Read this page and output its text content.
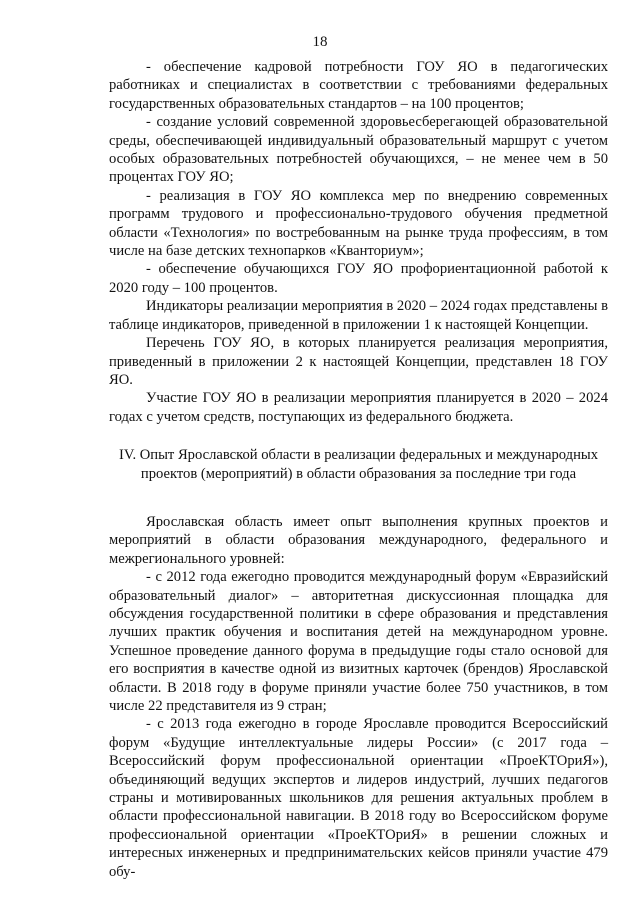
18

- обеспечение кадровой потребности ГОУ ЯО в педагогических работниках и специалистах в соответствии с требованиями федеральных государственных образовательных стандартов – на 100 процентов;

- создание условий современной здоровьесберегающей образовательной среды, обеспечивающей индивидуальный образовательный маршрут с учетом особых образовательных потребностей обучающихся, – не менее чем в 50 процентах ГОУ ЯО;

- реализация в ГОУ ЯО комплекса мер по внедрению современных программ трудового и профессионально-трудового обучения предметной области «Технология» по востребованным на рынке труда профессиям, в том числе на базе детских технопарков «Кванториум»;

- обеспечение обучающихся ГОУ ЯО профориентационной работой к 2020 году – 100 процентов.

Индикаторы реализации мероприятия в 2020 – 2024 годах представлены в таблице индикаторов, приведенной в приложении 1 к настоящей Концепции.

Перечень ГОУ ЯО, в которых планируется реализация мероприятия, приведенный в приложении 2 к настоящей Концепции, представлен 18 ГОУ ЯО.

Участие ГОУ ЯО в реализации мероприятия планируется в 2020 – 2024 годах с учетом средств, поступающих из федерального бюджета.

IV. Опыт Ярославской области в реализации федеральных и международных
проектов (мероприятий) в области образования за последние три года

Ярославская область имеет опыт выполнения крупных проектов и мероприятий в области образования международного, федерального и межрегионального уровней:

- с 2012 года ежегодно проводится международный форум «Евразийский образовательный диалог» – авторитетная дискуссионная площадка для обсуждения государственной политики в сфере образования и представления лучших практик обучения и воспитания детей на международном уровне. Успешное проведение данного форума в предыдущие годы стало основой для его восприятия в качестве одной из визитных карточек (брендов) Ярославской области. В 2018 году в форуме приняли участие более 750 участников, в том числе 22 представителя из 9 стран;

- с 2013 года ежегодно в городе Ярославле проводится Всероссийский форум «Будущие интеллектуальные лидеры России» (с 2017 года – Всероссийский форум профессиональной ориентации «ПроеКТОриЯ»), объединяющий ведущих экспертов и лидеров индустрий, лучших педагогов страны и мотивированных школьников для решения актуальных проблем в области профессиональной навигации. В 2018 году во Всероссийском форуме профессиональной ориентации «ПроеКТОриЯ» в решении сложных и интересных инженерных и предпринимательских кейсов приняли участие 479 обу-
